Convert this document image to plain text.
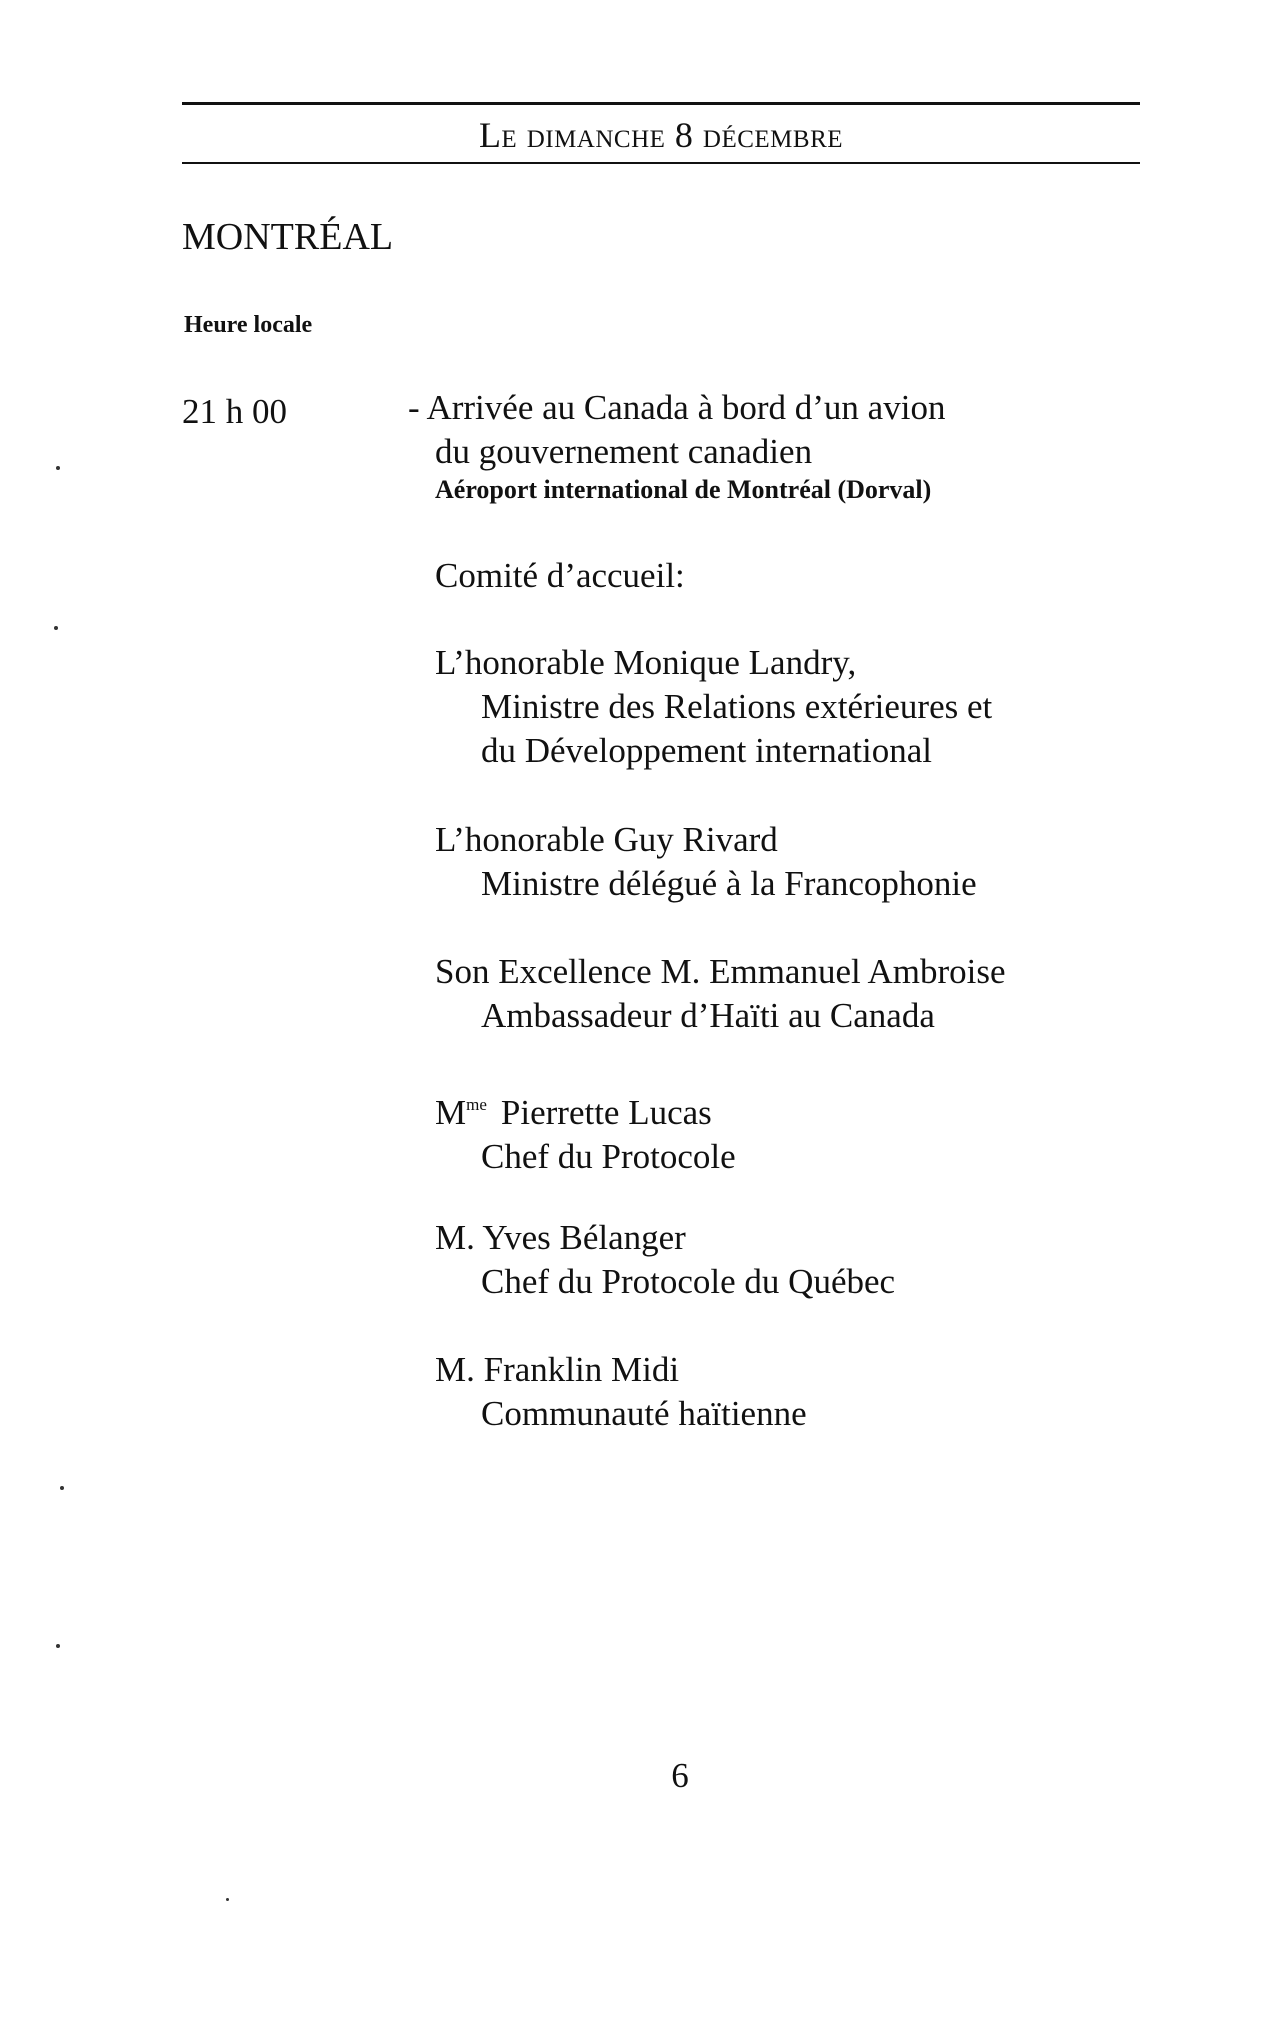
Le dimanche 8 décembre
MONTRÉAL
Heure locale
21 h 00	- Arrivée au Canada à bord d’un avion
du gouvernement canadien
Aéroport international de Montréal (Dorval)
Comité d’accueil:
L’honorable Monique Landry,
Ministre des Relations extérieures et
du Développement international
L’honorable Guy Rivard
Ministre délégué à la Francophonie
Son Excellence M. Emmanuel Ambroise
Ambassadeur d’Haïti au Canada
$M^{me}$ Pierrette Lucas
Chef du Protocole
M. Yves Bélanger
Chef du Protocole du Québec
M. Franklin Midi
Communauté haïtienne
6
